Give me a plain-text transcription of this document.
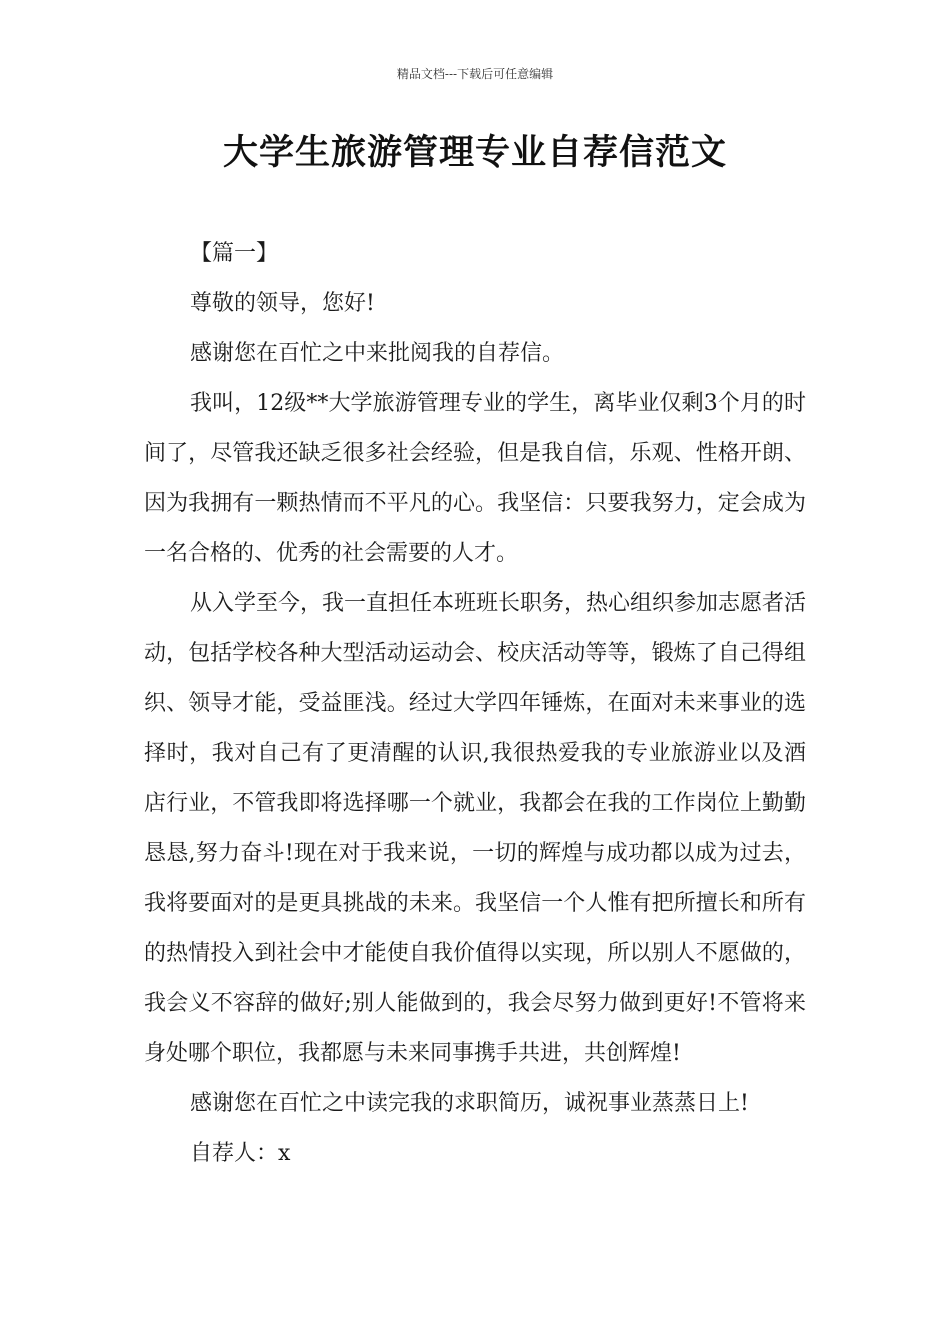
精品文档---下载后可任意编辑
大学生旅游管理专业自荐信范文

【篇一】

尊敬的领导，您好!

感谢您在百忙之中来批阅我的自荐信。

我叫，12级**大学旅游管理专业的学生，离毕业仅剩3个月的时间了，尽管我还缺乏很多社会经验，但是我自信，乐观、性格开朗、因为我拥有一颗热情而不平凡的心。我坚信：只要我努力，定会成为一名合格的、优秀的社会需要的人才。

从入学至今，我一直担任本班班长职务，热心组织参加志愿者活动，包括学校各种大型活动运动会、校庆活动等等，锻炼了自己得组织、领导才能，受益匪浅。经过大学四年锤炼，在面对未来事业的选择时，我对自己有了更清醒的认识,我很热爱我的专业旅游业以及酒店行业，不管我即将选择哪一个就业，我都会在我的工作岗位上勤勤恳恳,努力奋斗!现在对于我来说，一切的辉煌与成功都以成为过去，我将要面对的是更具挑战的未来。我坚信一个人惟有把所擅长和所有的热情投入到社会中才能使自我价值得以实现，所以别人不愿做的，我会义不容辞的做好;别人能做到的，我会尽努力做到更好!不管将来身处哪个职位，我都愿与未来同事携手共进，共创辉煌!

感谢您在百忙之中读完我的求职简历，诚祝事业蒸蒸日上!

自荐人：x
